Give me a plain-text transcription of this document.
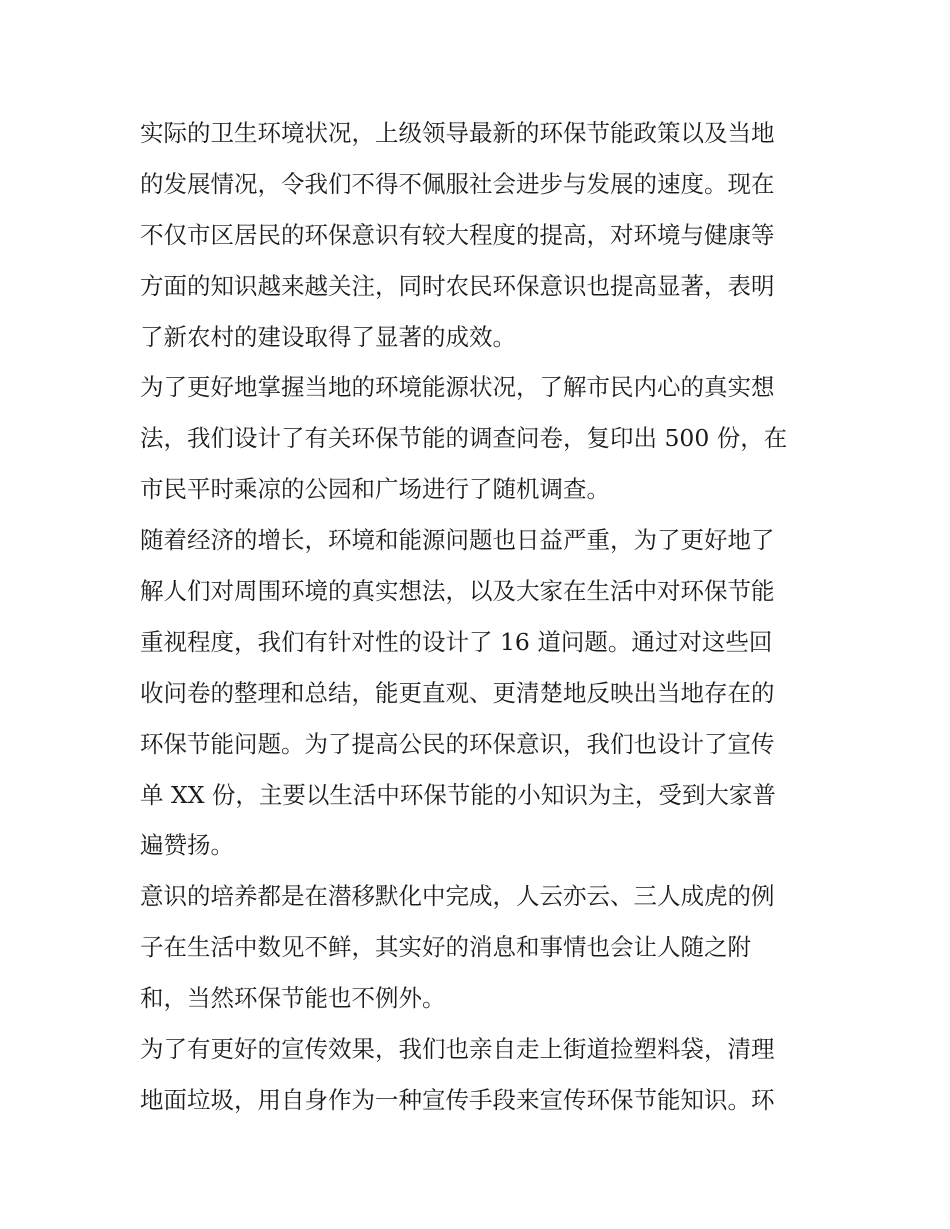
实际的卫生环境状况，上级领导最新的环保节能政策以及当地
的发展情况，令我们不得不佩服社会进步与发展的速度。现在
不仅市区居民的环保意识有较大程度的提高，对环境与健康等
方面的知识越来越关注，同时农民环保意识也提高显著，表明
了新农村的建设取得了显著的成效。

为了更好地掌握当地的环境能源状况，了解市民内心的真实想
法，我们设计了有关环保节能的调查问卷，复印出 500 份，在
市民平时乘凉的公园和广场进行了随机调查。

随着经济的增长，环境和能源问题也日益严重，为了更好地了
解人们对周围环境的真实想法，以及大家在生活中对环保节能
重视程度，我们有针对性的设计了 16 道问题。通过对这些回
收问卷的整理和总结，能更直观、更清楚地反映出当地存在的
环保节能问题。为了提高公民的环保意识，我们也设计了宣传
单 XX 份，主要以生活中环保节能的小知识为主，受到大家普
遍赞扬。

意识的培养都是在潜移默化中完成，人云亦云、三人成虎的例
子在生活中数见不鲜，其实好的消息和事情也会让人随之附
和，当然环保节能也不例外。

为了有更好的宣传效果，我们也亲自走上街道捡塑料袋，清理
地面垃圾，用自身作为一种宣传手段来宣传环保节能知识。环
